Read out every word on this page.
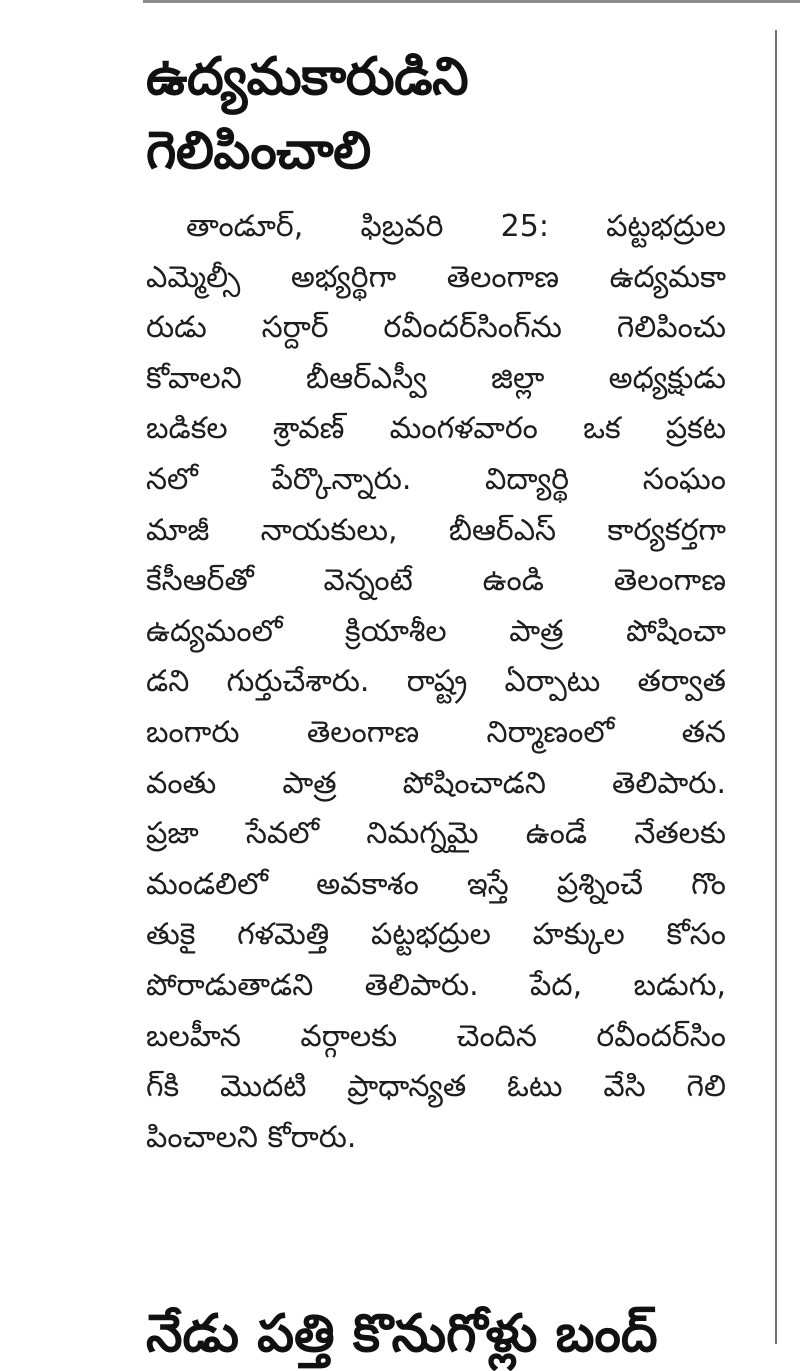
ఉద్యమకారుడిని
గెలిపించాలి

తాండూర్, ఫిబ్రవరి 25: పట్టభద్రుల
ఎమ్మెల్సీ అభ్యర్థిగా తెలంగాణ ఉద్యమకా
రుడు సర్దార్ రవీందర్‌సింగ్‌ను గెలిపించు
కోవాలని బీఆర్ఎస్వీ జిల్లా అధ్యక్షుడు
బడికల శ్రావణ్ మంగళవారం ఒక ప్రకట
నలో పేర్కొన్నారు. విద్యార్థి సంఘం
మాజీ నాయకులు, బీఆర్ఎస్ కార్యకర్తగా
కేసీఆర్‌తో వెన్నంటే ఉండి తెలంగాణ
ఉద్యమంలో క్రియాశీల పాత్ర పోషించా
డని గుర్తుచేశారు. రాష్ట్ర ఏర్పాటు తర్వాత
బంగారు తెలంగాణ నిర్మాణంలో తన
వంతు పాత్ర పోషించాడని తెలిపారు.
ప్రజా సేవలో నిమగ్నమై ఉండే నేతలకు
మండలిలో అవకాశం ఇస్తే ప్రశ్నించే గొం
తుకై గళమెత్తి పట్టభద్రుల హక్కుల కోసం
పోరాడుతాడని తెలిపారు. పేద, బడుగు,
బలహీన వర్గాలకు చెందిన రవీందర్‌సిం
గ్‌కి మొదటి ప్రాధాన్యత ఓటు వేసి గెలి
పించాలని కోరారు.

నేడు పత్తి కొనుగోళ్లు బంద్
